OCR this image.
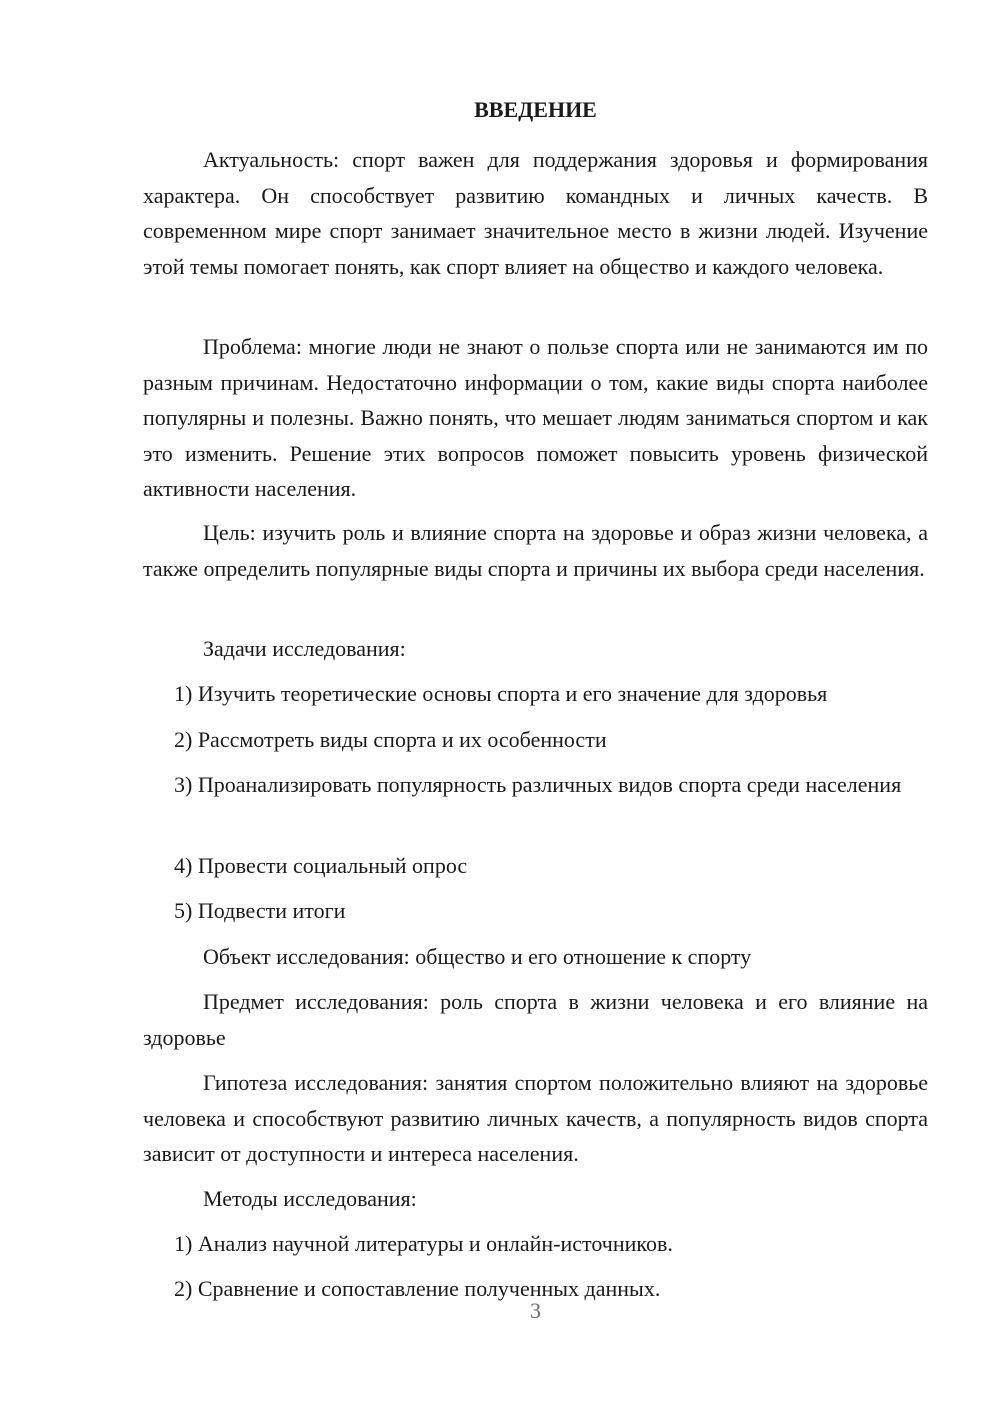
ВВЕДЕНИЕ

Актуальность: спорт важен для поддержания здоровья и формирования характера. Он способствует развитию командных и личных качеств. В современном мире спорт занимает значительное место в жизни людей. Изучение этой темы помогает понять, как спорт влияет на общество и каждого человека.

Проблема: многие люди не знают о пользе спорта или не занимаются им по разным причинам. Недостаточно информации о том, какие виды спорта наиболее популярны и полезны. Важно понять, что мешает людям заниматься спортом и как это изменить. Решение этих вопросов поможет повысить уровень физической активности населения.

Цель: изучить роль и влияние спорта на здоровье и образ жизни человека, а также определить популярные виды спорта и причины их выбора среди населения.

Задачи исследования:

1) Изучить теоретические основы спорта и его значение для здоровья

2) Рассмотреть виды спорта и их особенности

3) Проанализировать популярность различных видов спорта среди населения

4) Провести социальный опрос

5) Подвести итоги

Объект исследования: общество и его отношение к спорту

Предмет исследования: роль спорта в жизни человека и его влияние на здоровье

Гипотеза исследования: занятия спортом положительно влияют на здоровье человека и способствуют развитию личных качеств, а популярность видов спорта зависит от доступности и интереса населения.

Методы исследования:

1) Анализ научной литературы и онлайн-источников.

2) Сравнение и сопоставление полученных данных.

3
